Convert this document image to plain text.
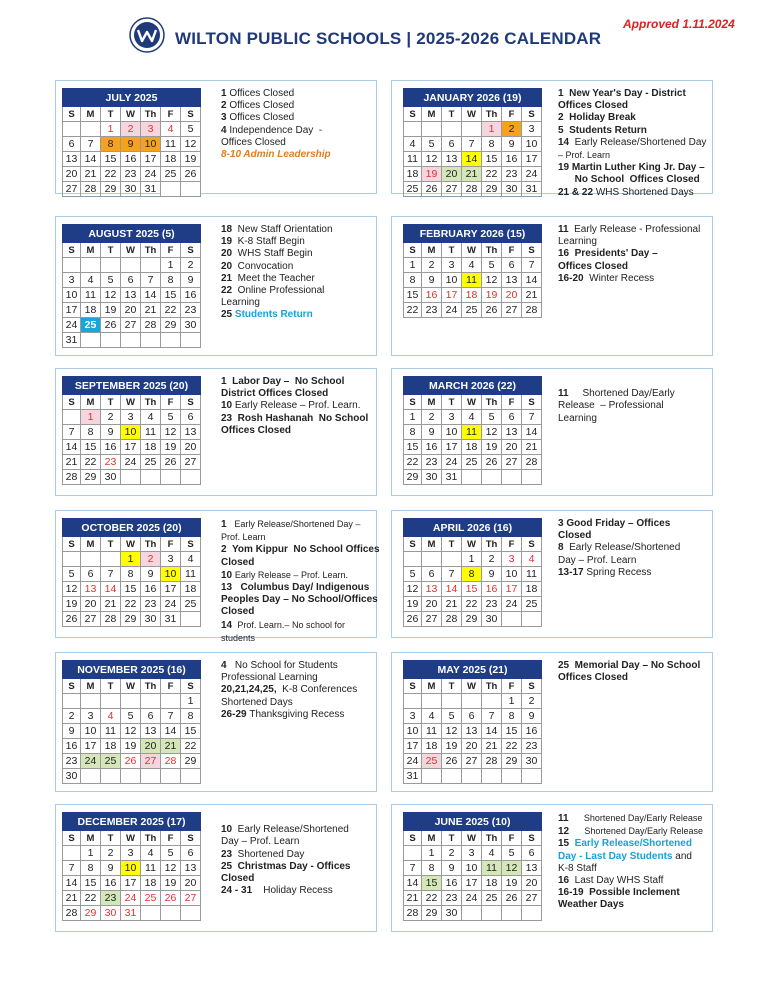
WILTON PUBLIC SCHOOLS | 2025-2026 CALENDAR
Approved 1.11.2024
JULY 2025						
S	M	T	W	Th	F	S
		1	2	3	4	5
6	7	8	9	10	11	12
13	14	15	16	17	18	19
20	21	22	23	24	25	26
27	28	29	30	31		
1 Offices Closed
2 Offices Closed
3 Offices Closed
4 Independence Day  -
Offices Closed
8-10 Admin Leadership
JANUARY 2026 (19)						
S	M	T	W	Th	F	S
				1	2	3
4	5	6	7	8	9	10
11	12	13	14	15	16	17
18	19	20	21	22	23	24
25	26	27	28	29	30	31
1  New Year's Day - District
Offices Closed
2  Holiday Break
5  Students Return
14  Early Release/Shortened Day
– Prof. Learn
19 Martin Luther King Jr. Day –
No School  Offices Closed
21 & 22 WHS Shortened Days
AUGUST 2025 (5)						
S	M	T	W	Th	F	S
					1	2
3	4	5	6	7	8	9
10	11	12	13	14	15	16
17	18	19	20	21	22	23
24	25	26	27	28	29	30
31						
18  New Staff Orientation
19  K-8 Staff Begin
20  WHS Staff Begin
20  Convocation
21  Meet the Teacher
22  Online Professional
Learning
25 Students Return
FEBRUARY 2026 (15)						
S	M	T	W	Th	F	S
1	2	3	4	5	6	7
8	9	10	11	12	13	14
15	16	17	18	19	20	21
22	23	24	25	26	27	28
11  Early Release - Professional
Learning
16  Presidents' Day –
Offices Closed
16-20  Winter Recess
SEPTEMBER 2025 (20)						
S	M	T	W	Th	F	S
	1	2	3	4	5	6
7	8	9	10	11	12	13
14	15	16	17	18	19	20
21	22	23	24	25	26	27
28	29	30				
1  Labor Day –  No School
District Offices Closed
10 Early Release – Prof. Learn.
23  Rosh Hashanah  No School
Offices Closed
MARCH 2026 (22)						
S	M	T	W	Th	F	S
1	2	3	4	5	6	7
8	9	10	11	12	13	14
15	16	17	18	19	20	21
22	23	24	25	26	27	28
29	30	31				

11     Shortened Day/Early
Release  – Professional
Learning
OCTOBER 2025 (20)						
S	M	T	W	Th	F	S
			1	2	3	4
5	6	7	8	9	10	11
12	13	14	15	16	17	18
19	20	21	22	23	24	25
26	27	28	29	30	31	
1   Early Release/Shortened Day –
Prof. Learn
2  Yom Kippur  No School Offices
Closed
10 Early Release – Prof. Learn.
13   Columbus Day/ Indigenous
Peoples Day – No School/Offices
Closed
14  Prof. Learn.– No school for
students
APRIL 2026 (16)						
S	M	T	W	Th	F	S
			1	2	3	4
5	6	7	8	9	10	11
12	13	14	15	16	17	18
19	20	21	22	23	24	25
26	27	28	29	30		
3 Good Friday – Offices
Closed
8  Early Release/Shortened
Day – Prof. Learn
13-17 Spring Recess
NOVEMBER 2025 (16)						
S	M	T	W	Th	F	S
						1
2	3	4	5	6	7	8
9	10	11	12	13	14	15
16	17	18	19	20	21	22
23	24	25	26	27	28	29
30						
4   No School for Students
Professional Learning
20,21,24,25,  K-8 Conferences
Shortened Days
26-29 Thanksgiving Recess
MAY 2025 (21)						
S	M	T	W	Th	F	S
					1	2
3	4	5	6	7	8	9
10	11	12	13	14	15	16
17	18	19	20	21	22	23
24	25	26	27	28	29	30
31						
25  Memorial Day – No School
Offices Closed
DECEMBER 2025 (17)						
S	M	T	W	Th	F	S
	1	2	3	4	5	6
7	8	9	10	11	12	13
14	15	16	17	18	19	20
21	22	23	24	25	26	27
28	29	30	31			

10  Early Release/Shortened
Day – Prof. Learn
23  Shortened Day
25  Christmas Day - Offices
Closed
24 - 31    Holiday Recess
JUNE 2025 (10)						
S	M	T	W	Th	F	S
	1	2	3	4	5	6
7	8	9	10	11	12	13
14	15	16	17	18	19	20
21	22	23	24	25	26	27
28	29	30				
11      Shortened Day/Early Release
12      Shortened Day/Early Release
15  Early Release/Shortened
Day - Last Day Students and
K-8 Staff
16  Last Day WHS Staff
16-19  Possible Inclement
Weather Days
